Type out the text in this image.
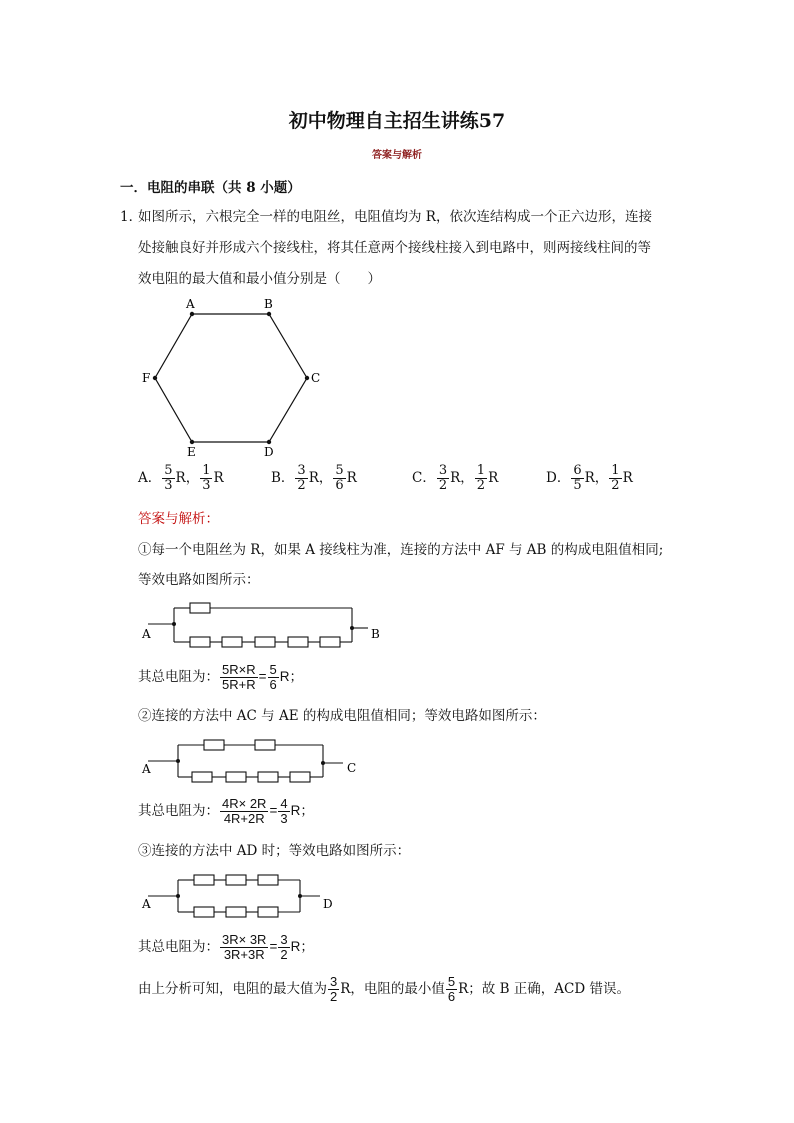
初中物理自主招生讲练57
答案与解析
一．电阻的串联（共 8 小题）
1．
如图所示，六根完全一样的电阻丝，电阻值均为 R，依次连结构成一个正六边形，连接
处接触良好并形成六个接线柱，将其任意两个接线柱接入到电路中，则两接线柱间的等
效电阻的最大值和最小值分别是（　　）
A	B
C
D
E
F
A． $\frac{5}{3}$ R， $\frac{1}{3}$ R	B． $\frac{3}{2}$ R， $\frac{5}{6}$ R	C． $\frac{3}{2}$ R， $\frac{1}{2}$ R	D． $\frac{6}{5}$ R， $\frac{1}{2}$ R
答案与解析：
①每一个电阻丝为 R，如果 A 接线柱为准，连接的方法中 AF 与 AB 的构成电阻值相同;
等效电路如图所示：
A	B
其总电阻为： $\frac{5R\times R}{5R+R} = \frac{5}{6}$ R；
②连接的方法中 AC 与 AE 的构成电阻值相同；等效电路如图所示：
A	C
其总电阻为： $\frac{4R\times 2R}{4R+2R} = \frac{4}{3}$ R；
③连接的方法中 AD 时；等效电路如图所示：
A	D
其总电阻为： $\frac{3R\times 3R}{3R+3R} = \frac{3}{2}$ R；
由上分析可知，电阻的最大值为 $\frac{3}{2}$ R，电阻的最小值 $\frac{5}{6}$ R；故 B 正确，ACD 错误。
